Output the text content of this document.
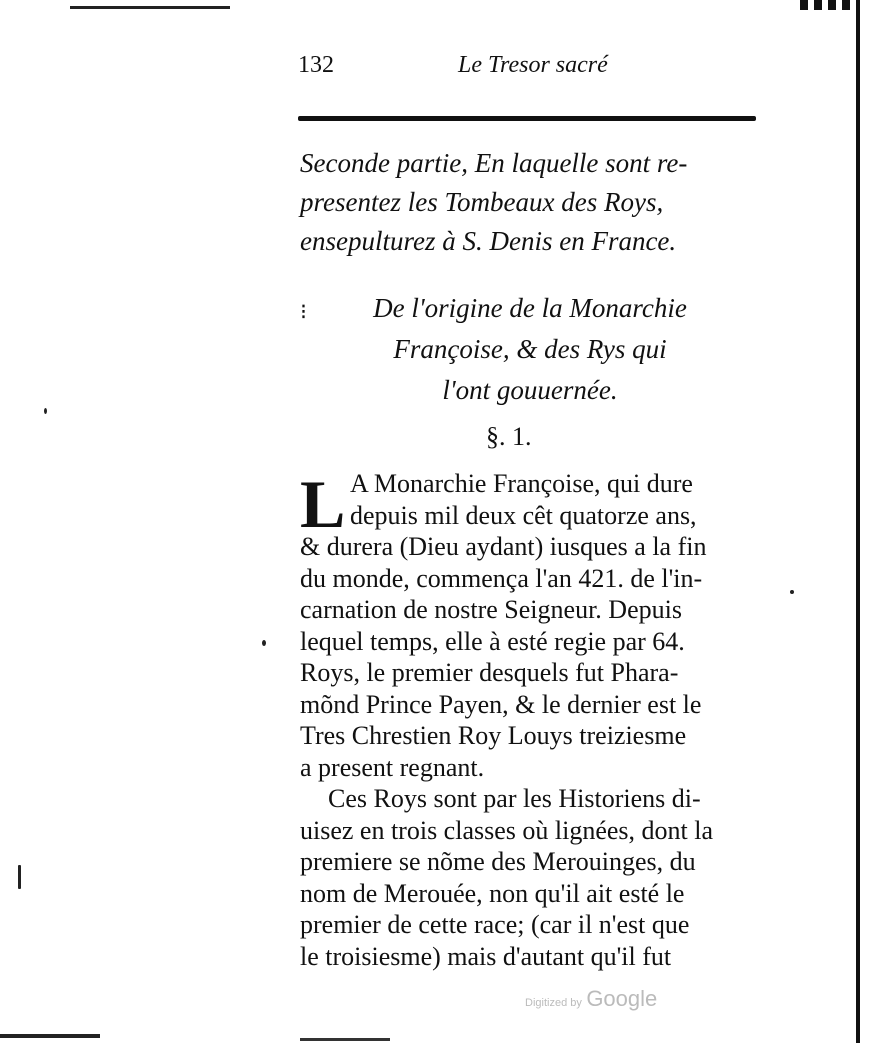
132	Le Tresor sacré
Seconde partie, En laquelle sont re-
presentez les Tombeaux des Roys,
ensepulturez à S. Denis en France.
⁝	De l'origine de la Monarchie
Françoise, & des Rys qui
l'ont gouuernée.
§. 1.
L A Monarchie Françoise, qui dure
depuis mil deux cêt quatorze ans,
& durera (Dieu aydant) iusques a la fin
du monde, commença l'an 421. de l'in-
carnation de nostre Seigneur. Depuis
lequel temps, elle à esté regie par 64.
Roys, le premier desquels fut Phara-
mõnd Prince Payen, & le dernier est le
Tres Chrestien Roy Louys treiziesme
a present regnant.
Ces Roys sont par les Historiens di-
uisez en trois classes où lignées, dont la
premiere se nõme des Merouinges, du
nom de Merouée, non qu'il ait esté le
premier de cette race; (car il n'est que
le troisiesme) mais d'autant qu'il fut
Digitized by Google
